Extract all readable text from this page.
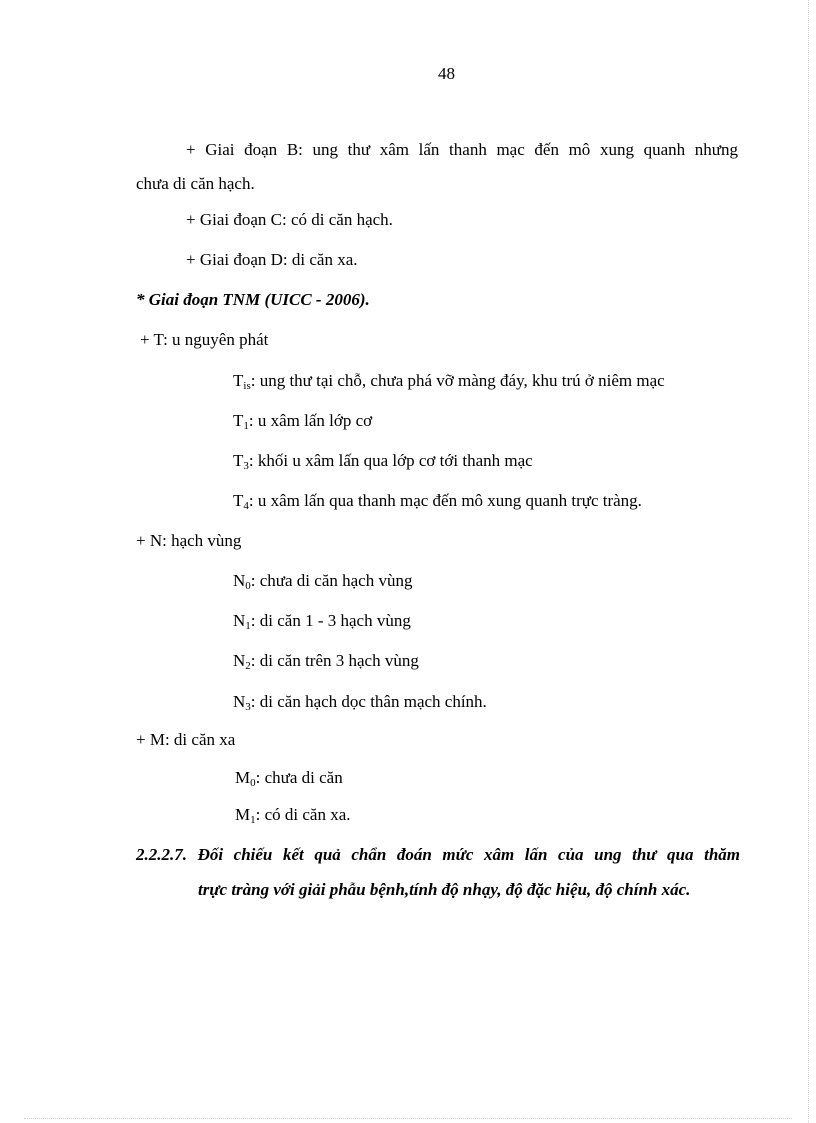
48
+ Giai đoạn B: ung thư xâm lấn thanh mạc đến mô xung quanh nhưng
chưa di căn hạch.
+ Giai đoạn C: có di căn hạch.
+ Giai đoạn D: di căn xa.
* Giai đoạn TNM (UICC - 2006).
+ T: u nguyên phát
$T_{is}$: ung thư tại chỗ, chưa phá vỡ màng đáy, khu trú ở niêm mạc
$T_1$: u xâm lấn lớp cơ
$T_3$: khối u xâm lấn qua lớp cơ tới thanh mạc
$T_4$: u xâm lấn qua thanh mạc đến mô xung quanh trực tràng.
+ N: hạch vùng
$N_0$: chưa di căn hạch vùng
$N_1$: di căn 1 - 3 hạch vùng
$N_2$: di căn trên 3 hạch vùng
$N_3$: di căn hạch dọc thân mạch chính.
+ M: di căn xa
$M_0$: chưa di căn
$M_1$: có di căn xa.
2.2.2.7. Đối chiếu kết quả chẩn đoán mức xâm lấn của ung thư qua thăm
trực tràng với giải phẫu bệnh,tính độ nhạy, độ đặc hiệu, độ chính xác.
